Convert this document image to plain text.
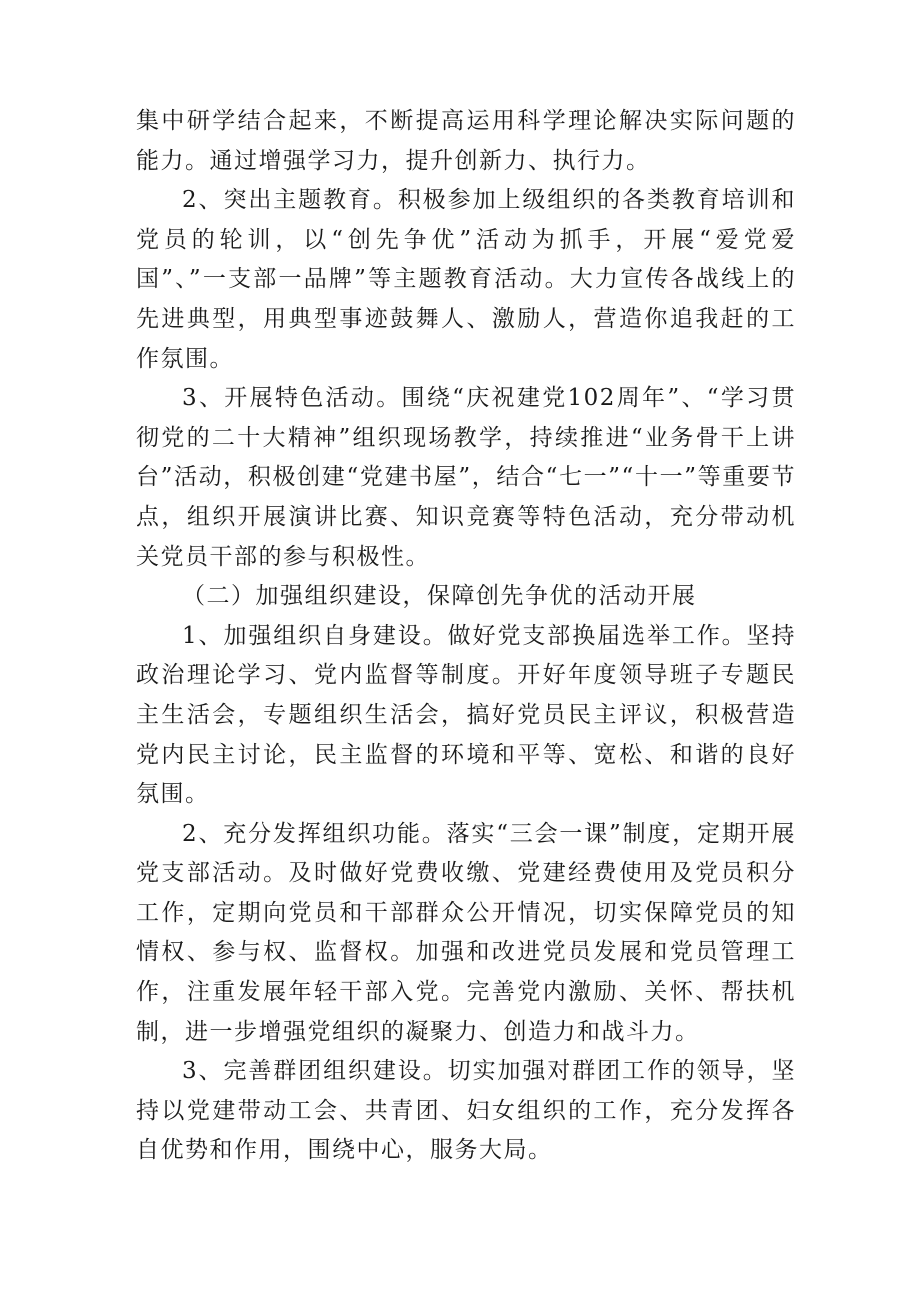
集中研学结合起来，不断提高运用科学理论解决实际问题的能力。通过增强学习力，提升创新力、执行力。

2、突出主题教育。积极参加上级组织的各类教育培训和党员的轮训，以“创先争优”活动为抓手，开展“爱党爱国”、”一支部一品牌”等主题教育活动。大力宣传各战线上的先进典型，用典型事迹鼓舞人、激励人，营造你追我赶的工作氛围。

3、开展特色活动。围绕“庆祝建党102周年”、“学习贯彻党的二十大精神”组织现场教学，持续推进“业务骨干上讲台”活动，积极创建“党建书屋”，结合“七一”“十一”等重要节点，组织开展演讲比赛、知识竞赛等特色活动，充分带动机关党员干部的参与积极性。

（二）加强组织建设，保障创先争优的活动开展

1、加强组织自身建设。做好党支部换届选举工作。坚持政治理论学习、党内监督等制度。开好年度领导班子专题民主生活会，专题组织生活会，搞好党员民主评议，积极营造党内民主讨论，民主监督的环境和平等、宽松、和谐的良好氛围。

2、充分发挥组织功能。落实“三会一课”制度，定期开展党支部活动。及时做好党费收缴、党建经费使用及党员积分工作，定期向党员和干部群众公开情况，切实保障党员的知情权、参与权、监督权。加强和改进党员发展和党员管理工作，注重发展年轻干部入党。完善党内激励、关怀、帮扶机制，进一步增强党组织的凝聚力、创造力和战斗力。

3、完善群团组织建设。切实加强对群团工作的领导，坚持以党建带动工会、共青团、妇女组织的工作，充分发挥各自优势和作用，围绕中心，服务大局。
